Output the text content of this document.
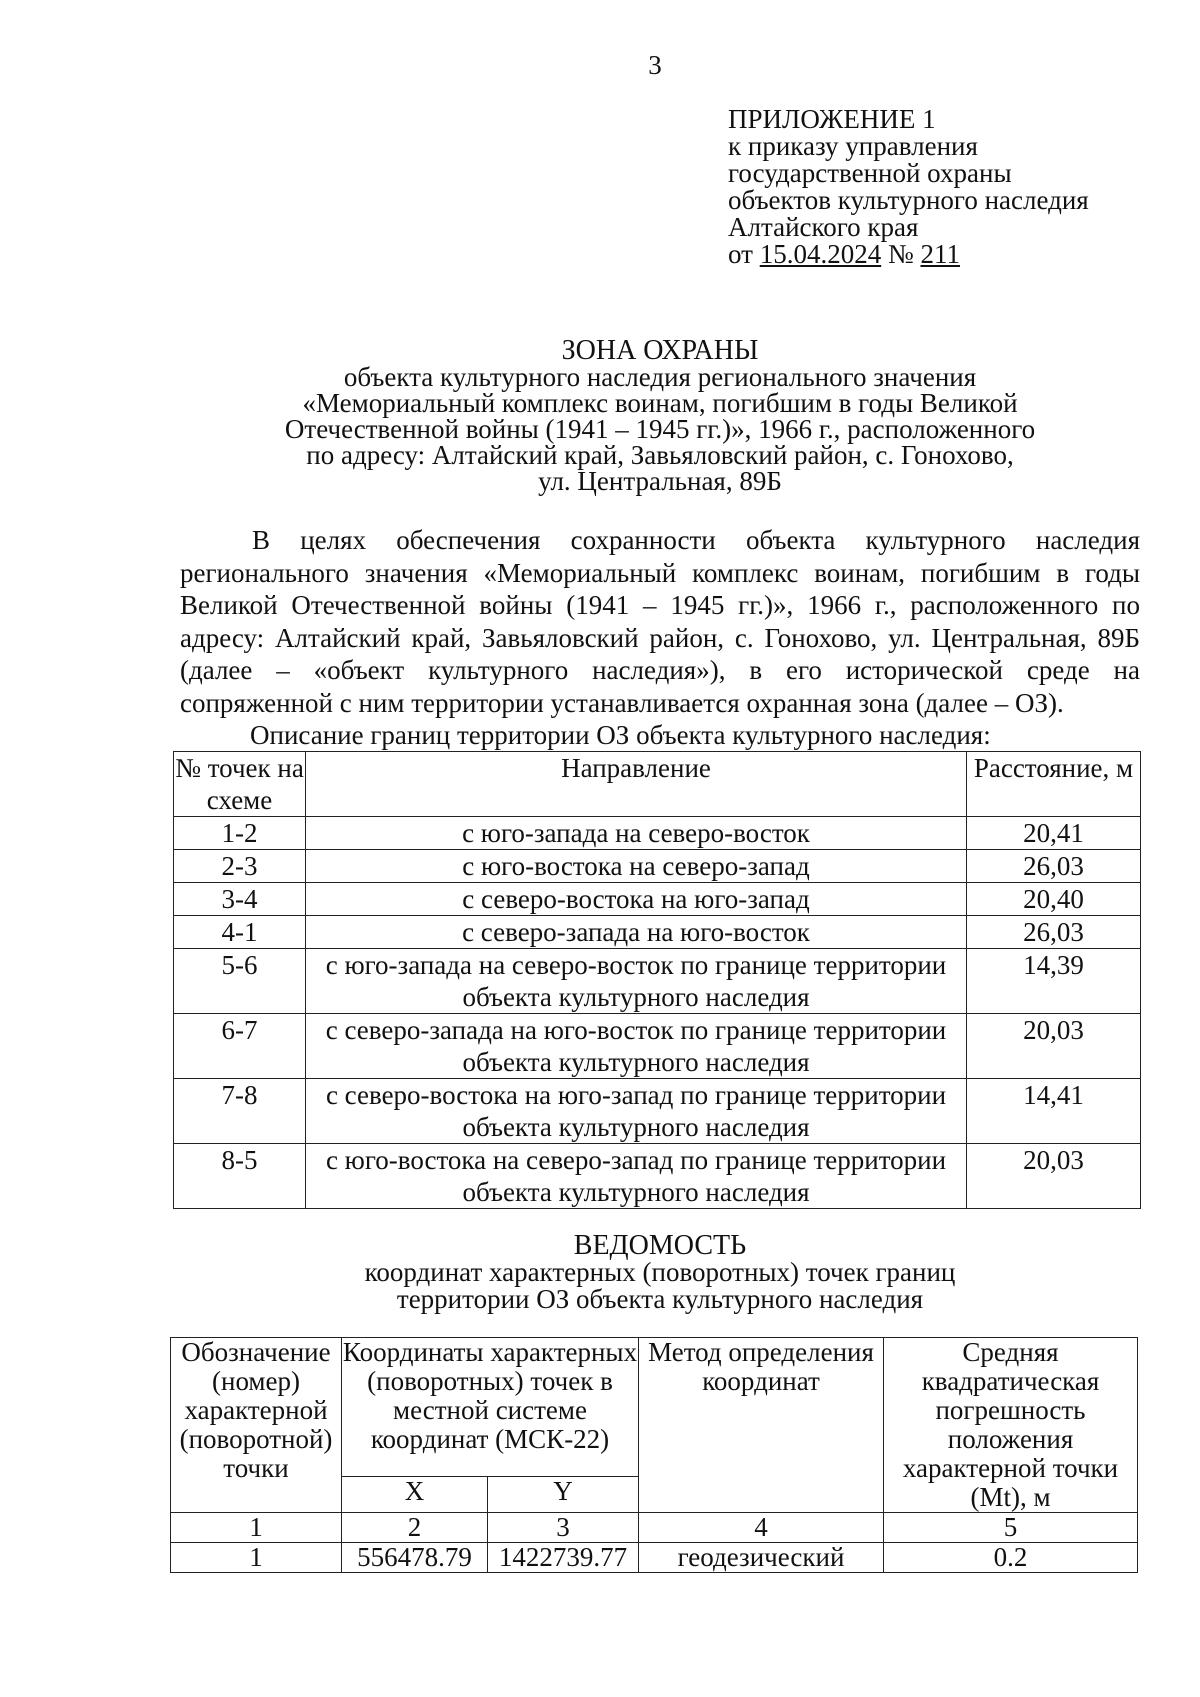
3
ПРИЛОЖЕНИЕ 1
к приказу управления
государственной охраны
объектов культурного наследия
Алтайского края
от 15.04.2024 № 211
ЗОНА ОХРАНЫ
объекта культурного наследия регионального значения
«Мемориальный комплекс воинам, погибшим в годы Великой
Отечественной войны (1941 – 1945 гг.)», 1966 г., расположенного
по адресу: Алтайский край, Завьяловский район, с. Гонохово,
ул. Центральная, 89Б

В целях обеспечения сохранности объекта культурного наследия регионального значения «Мемориальный комплекс воинам, погибшим в годы Великой Отечественной войны (1941 – 1945 гг.)», 1966 г., расположенного по адресу: Алтайский край, Завьяловский район, с. Гонохово, ул. Центральная, 89Б (далее – «объект культурного наследия»), в его исторической среде на сопряженной с ним территории устанавливается охранная зона (далее – ОЗ).

Описание границ территории ОЗ объекта культурного наследия:
№ точек на схеме	Направление	Расстояние, м
1-2	с юго-запада на северо-восток	20,41
2-3	с юго-востока на северо-запад	26,03
3-4	с северо-востока на юго-запад	20,40
4-1	с северо-запада на юго-восток	26,03
5-6	с юго-запада на северо-восток по границе территории объекта культурного наследия	14,39
6-7	с северо-запада на юго-восток по границе территории объекта культурного наследия	20,03
7-8	с северо-востока на юго-запад по границе территории объекта культурного наследия	14,41
8-5	с юго-востока на северо-запад по границе территории объекта культурного наследия	20,03
ВЕДОМОСТЬ
координат характерных (поворотных) точек границ
территории ОЗ объекта культурного наследия
Обозначение (номер) характерной (поворотной) точки	Координаты характерных (поворотных) точек в местной системе координат (МСК-22)		Метод определения координат	Средняя квадратическая погрешность положения характерной точки (Mt), м
	X	Y		
1	2	3	4	5
1	556478.79	1422739.77	геодезический	0.2
